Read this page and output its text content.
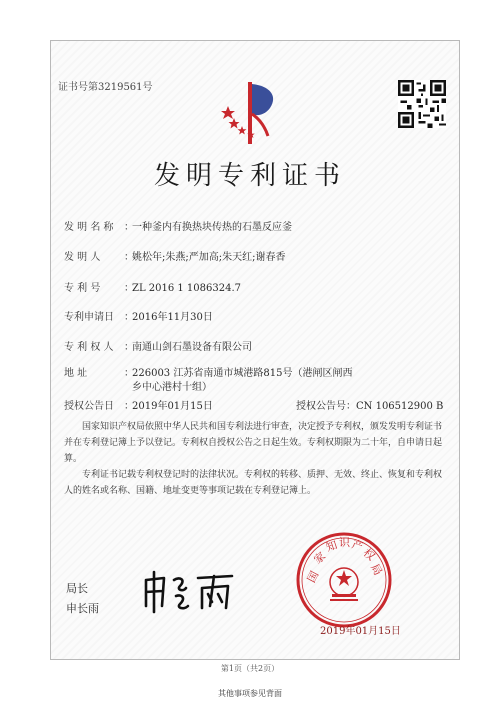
证书号第3219561号
发明专利证书
发 明 名 称	：
一种釜内有换热块传热的石墨反应釜
发 明 人	：
姚松年;朱燕;严加高;朱天红;谢春香
专 利 号	：
ZL 2016 1 1086324.7
专利申请日	：
2016年11月30日
专 利 权 人	：
南通山剑石墨设备有限公司
地 址	：
226003 江苏省南通市城港路815号（港闸区闸西乡中心港村十组）
授权公告日	：
2019年01月15日	授权公告号：CN 106512900 B
国家知识产权局依照中华人民共和国专利法进行审查，决定授予专利权，颁发发明专利证书并在专利登记簿上予以登记。专利权自授权公告之日起生效。专利权期限为二十年，自申请日起算。
专利证书记载专利权登记时的法律状况。专利权的转移、质押、无效、终止、恢复和专利权人的姓名或名称、国籍、地址变更等事项记载在专利登记簿上。
局长
申长雨
国
家
知 识 产
权
局
2019年01月15日
第1页（共2页）
其他事项参见背面
